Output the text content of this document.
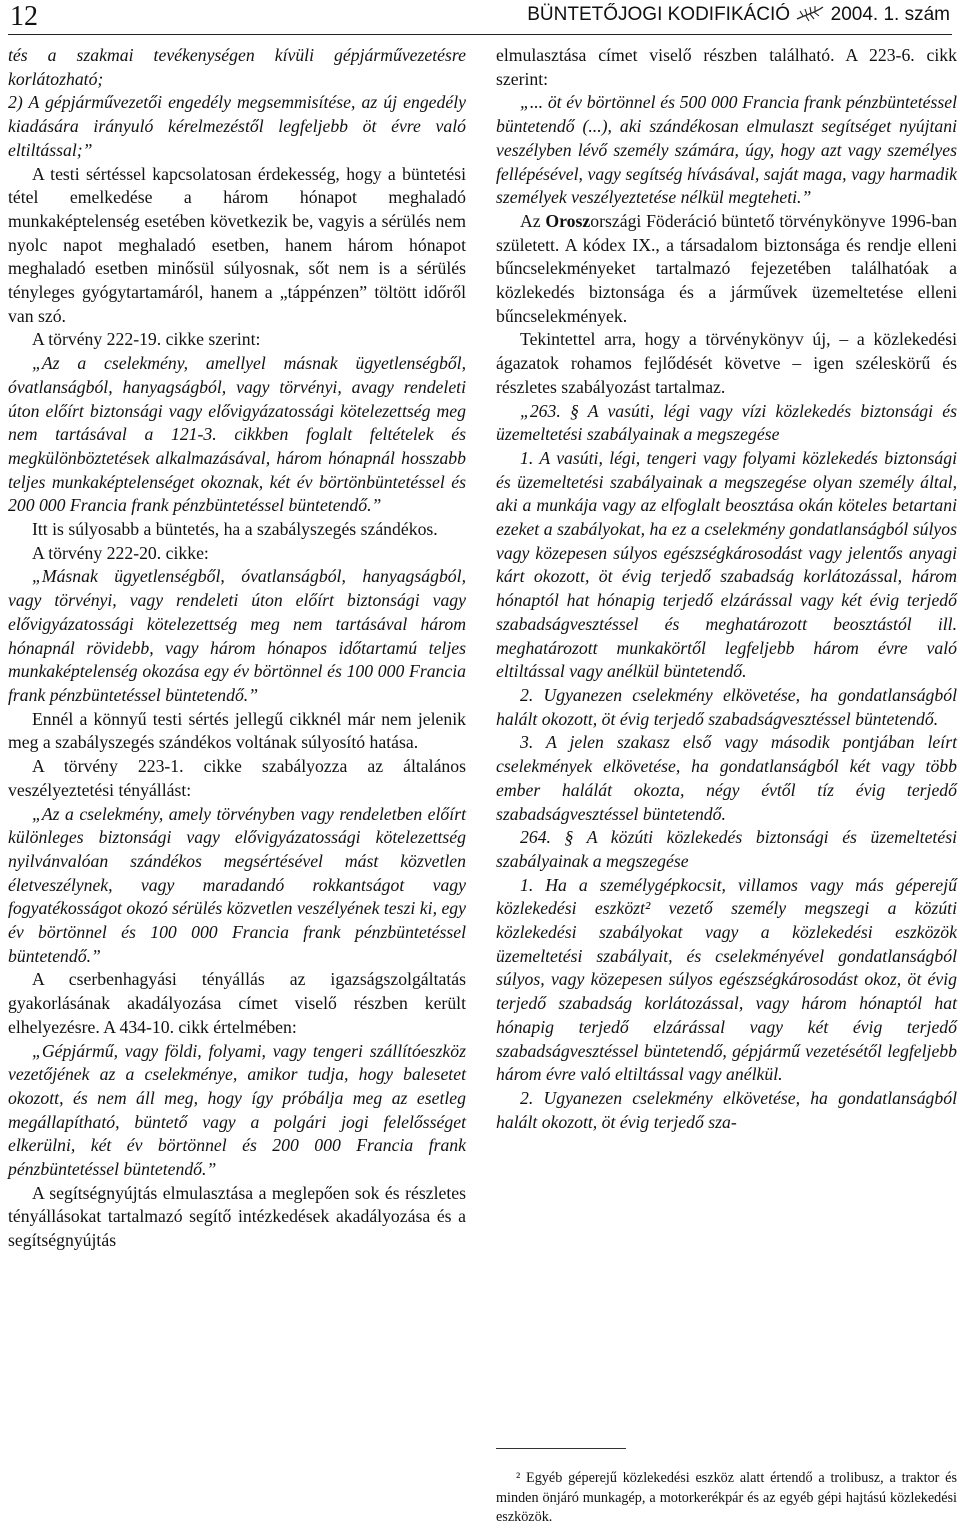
12	BÜNTETŐJOGI KODIFIKÁCIÓ 2004. 1. szám

tés a szakmai tevékenységen kívüli gépjárművezetésre korlátozható;

2) A gépjárművezetői engedély megsemmisítése, az új engedély kiadására irányuló kérelmezéstől legfeljebb öt évre való eltiltással;”

A testi sértéssel kapcsolatosan érdekesség, hogy a büntetési tétel emelkedése a három hónapot meghaladó munkaképtelenség esetében következik be, vagyis a sérülés nem nyolc napot meghaladó esetben, hanem három hónapot meghaladó esetben minősül súlyosnak, sőt nem is a sérülés tényleges gyógytartamáról, hanem a „táppénzen” töltött időről van szó.

A törvény 222-19. cikke szerint:

„Az a cselekmény, amellyel másnak ügyetlenségből, óvatlanságból, hanyagságból, vagy törvényi, avagy rendeleti úton előírt biztonsági vagy elővigyázatossági kötelezettség meg nem tartásával a 121-3. cikkben foglalt feltételek és megkülönböztetések alkalmazásával, három hónapnál hosszabb teljes munkaképtelenséget okoznak, két év börtönbüntetéssel és 200 000 Francia frank pénzbüntetéssel büntetendő.”

Itt is súlyosabb a büntetés, ha a szabályszegés szándékos.

A törvény 222-20. cikke:

„Másnak ügyetlenségből, óvatlanságból, hanyagságból, vagy törvényi, vagy rendeleti úton előírt biztonsági vagy elővigyázatossági kötelezettség meg nem tartásával három hónapnál rövidebb, vagy három hónapos időtartamú teljes munkaképtelenség okozása egy év börtönnel és 100 000 Francia frank pénzbüntetéssel büntetendő.”

Ennél a könnyű testi sértés jellegű cikknél már nem jelenik meg a szabályszegés szándékos voltának súlyosító hatása.

A törvény 223-1. cikke szabályozza az általános veszélyeztetési tényállást:

„Az a cselekmény, amely törvényben vagy rendeletben előírt különleges biztonsági vagy elővigyázatossági kötelezettség nyilvánvalóan szándékos megsértésével mást közvetlen életveszélynek, vagy maradandó rokkantságot vagy fogyatékosságot okozó sérülés közvetlen veszélyének teszi ki, egy év börtönnel és 100 000 Francia frank pénzbüntetéssel büntetendő.”

A cserbenhagyási tényállás az igazságszolgáltatás gyakorlásának akadályozása címet viselő részben került elhelyezésre. A 434-10. cikk értelmében:

„Gépjármű, vagy földi, folyami, vagy tengeri szállítóeszköz vezetőjének az a cselekménye, amikor tudja, hogy balesetet okozott, és nem áll meg, hogy így próbálja meg az esetleg megállapítható, büntető vagy a polgári jogi felelősséget elkerülni, két év börtönnel és 200 000 Francia frank pénzbüntetéssel büntetendő.”

A segítségnyújtás elmulasztása a meglepően sok és részletes tényállásokat tartalmazó segítő intézkedések akadályozása és a segítségnyújtás

elmulasztása címet viselő részben található. A 223-6. cikk szerint:

„... öt év börtönnel és 500 000 Francia frank pénzbüntetéssel büntetendő (...), aki szándékosan elmulaszt segítséget nyújtani veszélyben lévő személy számára, úgy, hogy azt vagy személyes fellépésével, vagy segítség hívásával, saját maga, vagy harmadik személyek veszélyeztetése nélkül megteheti.”

Az Oroszországi Föderáció büntető törvénykönyve 1996-ban született. A kódex IX., a társadalom biztonsága és rendje elleni bűncselekményeket tartalmazó fejezetében találhatóak a közlekedés biztonsága és a járművek üzemeltetése elleni bűncselekmények.

Tekintettel arra, hogy a törvénykönyv új, – a közlekedési ágazatok rohamos fejlődését követve – igen széleskörű és részletes szabályozást tartalmaz.

„263. § A vasúti, légi vagy vízi közlekedés biztonsági és üzemeltetési szabályainak a megszegése

1. A vasúti, légi, tengeri vagy folyami közlekedés biztonsági és üzemeltetési szabályainak a megszegése olyan személy által, aki a munkája vagy az elfoglalt beosztása okán köteles betartani ezeket a szabályokat, ha ez a cselekmény gondatlanságból súlyos vagy közepesen súlyos egészségkárosodást vagy jelentős anyagi kárt okozott, öt évig terjedő szabadság korlátozással, három hónaptól hat hónapig terjedő elzárással vagy két évig terjedő szabadságvesztéssel és meghatározott beosztástól ill. meghatározott munkakörtől legfeljebb három évre való eltiltással vagy anélkül büntetendő.

2. Ugyanezen cselekmény elkövetése, ha gondatlanságból halált okozott, öt évig terjedő szabadságvesztéssel büntetendő.

3. A jelen szakasz első vagy második pontjában leírt cselekmények elkövetése, ha gondatlanságból két vagy több ember halálát okozta, négy évtől tíz évig terjedő szabadságvesztéssel büntetendő.

264. § A közúti közlekedés biztonsági és üzemeltetési szabályainak a megszegése

1. Ha a személygépkocsit, villamos vagy más géperejű közlekedési eszközt² vezető személy megszegi a közúti közlekedési szabályokat vagy a közlekedési eszközök üzemeltetési szabályait, és cselekményével gondatlanságból súlyos, vagy közepesen súlyos egészségkárosodást okoz, öt évig terjedő szabadság korlátozással, vagy három hónaptól hat hónapig terjedő elzárással vagy két évig terjedő szabadságvesztéssel büntetendő, gépjármű vezetésétől legfeljebb három évre való eltiltással vagy anélkül.

2. Ugyanezen cselekmény elkövetése, ha gondatlanságból halált okozott, öt évig terjedő sza-

² Egyéb géperejű közlekedési eszköz alatt értendő a trolibusz, a traktor és minden önjáró munkagép, a motorkerékpár és az egyéb gépi hajtású közlekedési eszközök.
